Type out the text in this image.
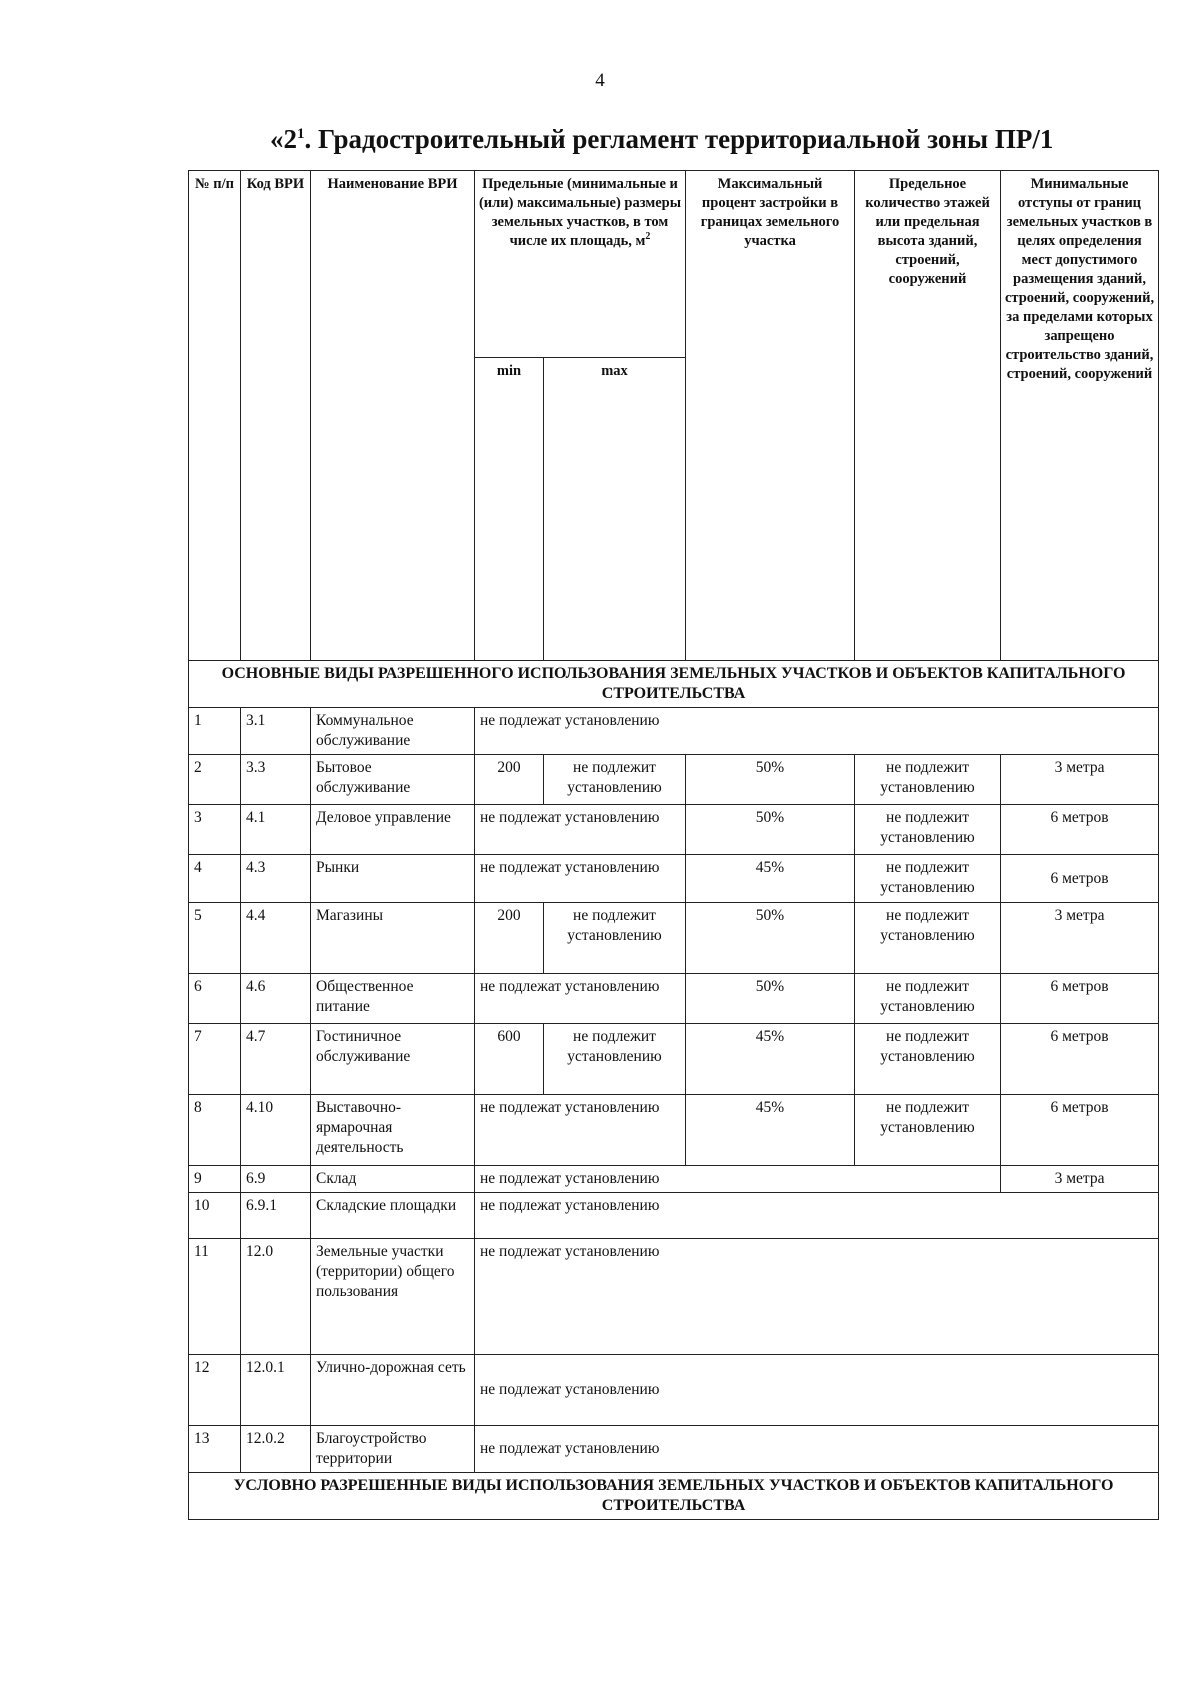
4
«$2^1$. Градостроительный регламент территориальной зоны ПР/1
№ п/п	Код ВРИ	Наименование ВРИ	Предельные (минимальные и (или) максимальные) размеры земельных участков, в том числе их площадь, $м^2$		Максимальный процент застройки в границах земельного участка	Предельное количество этажей или предельная высота зданий, строений, сооружений	Минимальные отступы от границ земельных участков в целях определения мест допустимого размещения зданий, строений, сооружений, за пределами которых запрещено строительство зданий, строений, сооружений
			min	max			
ОСНОВНЫЕ ВИДЫ РАЗРЕШЕННОГО ИСПОЛЬЗОВАНИЯ ЗЕМЕЛЬНЫХ УЧАСТКОВ И ОБЪЕКТОВ КАПИТАЛЬНОГО СТРОИТЕЛЬСТВА							
1	3.1	Коммунальное обслуживание	не подлежат установлению				
2	3.3	Бытовое обслуживание	200	не подлежит установлению	50%	не подлежит установлению	3 метра
3	4.1	Деловое управление	не подлежат установлению		50%	не подлежит установлению	6 метров
4	4.3	Рынки	не подлежат установлению		45%	не подлежит установлению	6 метров
5	4.4	Магазины	200	не подлежит установлению	50%	не подлежит установлению	3 метра
6	4.6	Общественное питание	не подлежат установлению		50%	не подлежит установлению	6 метров
7	4.7	Гостиничное обслуживание	600	не подлежит установлению	45%	не подлежит установлению	6 метров
8	4.10	Выставочно-ярмарочная деятельность	не подлежат установлению		45%	не подлежит установлению	6 метров
9	6.9	Склад	не подлежат установлению				3 метра
10	6.9.1	Складские площадки	не подлежат установлению				
11	12.0	Земельные участки (территории) общего пользования	не подлежат установлению				
12	12.0.1	Улично-дорожная сеть	не подлежат установлению				
13	12.0.2	Благоустройство территории	не подлежат установлению				
УСЛОВНО РАЗРЕШЕННЫЕ ВИДЫ ИСПОЛЬЗОВАНИЯ ЗЕМЕЛЬНЫХ УЧАСТКОВ И ОБЪЕКТОВ КАПИТАЛЬНОГО СТРОИТЕЛЬСТВА							
